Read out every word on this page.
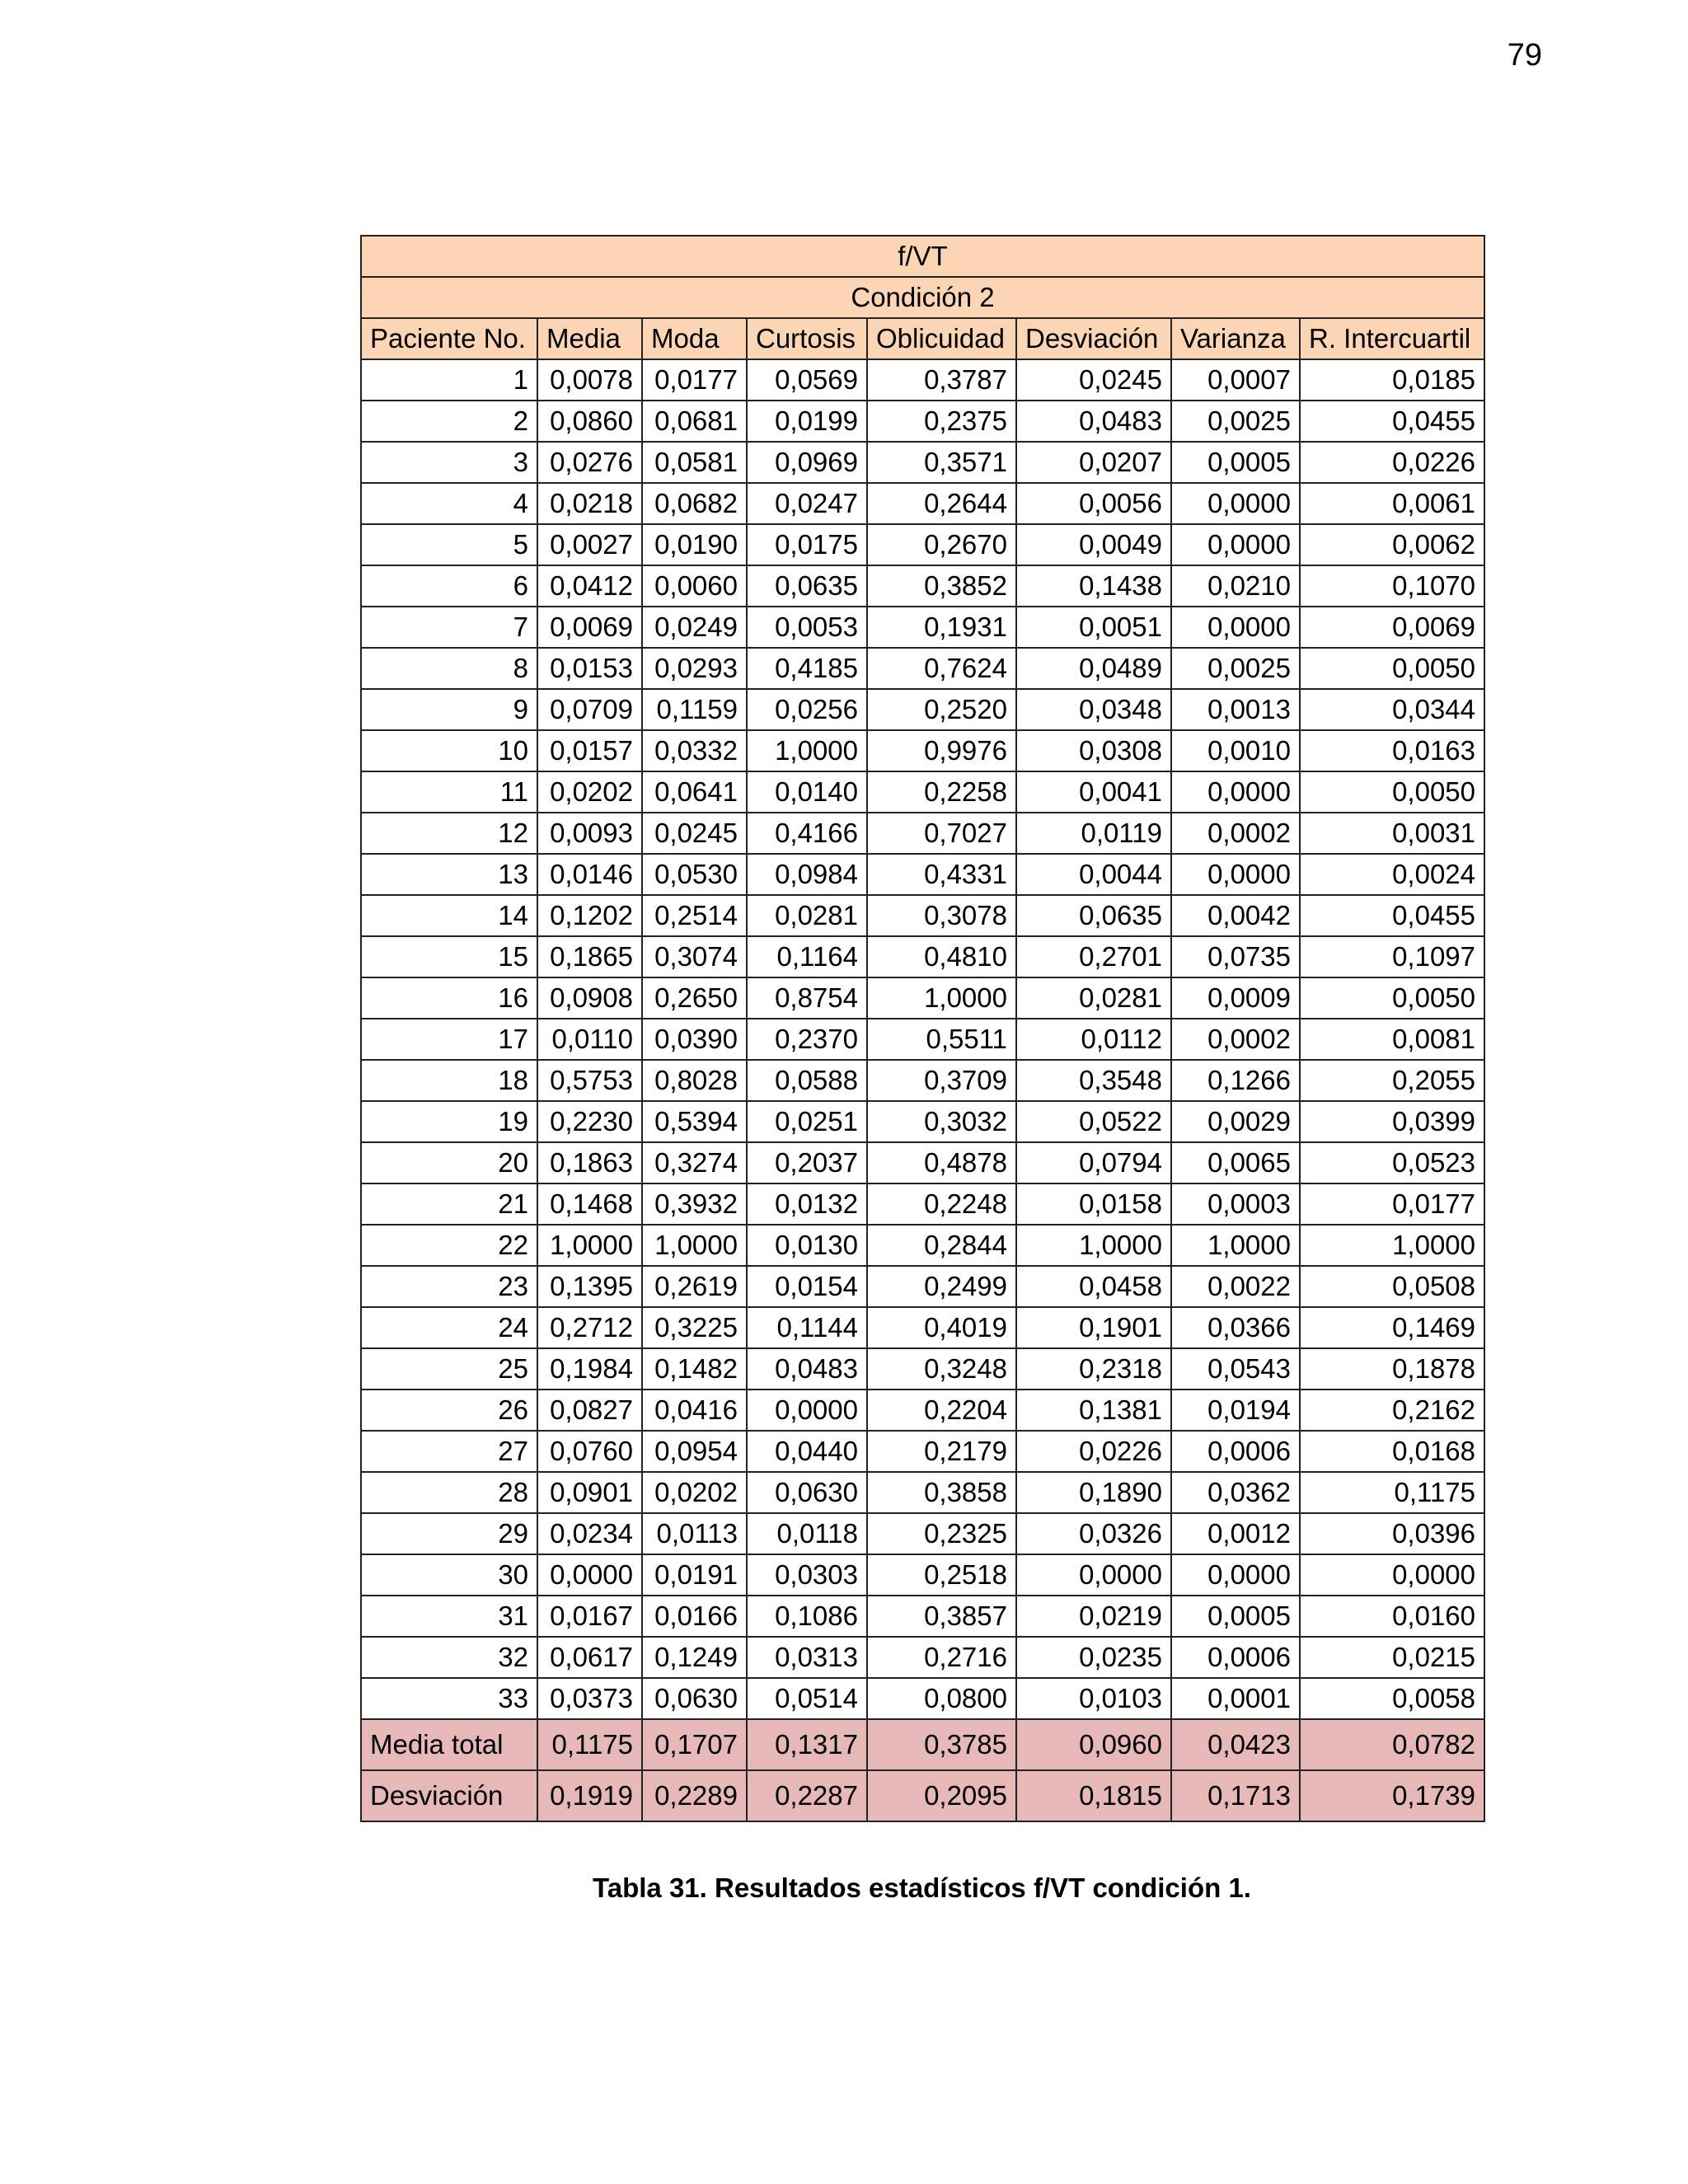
79
f/VT							
Condición 2							
Paciente No.	Media	Moda	Curtosis	Oblicuidad	Desviación	Varianza	R. Intercuartil
1	0,0078	0,0177	0,0569	0,3787	0,0245	0,0007	0,0185
2	0,0860	0,0681	0,0199	0,2375	0,0483	0,0025	0,0455
3	0,0276	0,0581	0,0969	0,3571	0,0207	0,0005	0,0226
4	0,0218	0,0682	0,0247	0,2644	0,0056	0,0000	0,0061
5	0,0027	0,0190	0,0175	0,2670	0,0049	0,0000	0,0062
6	0,0412	0,0060	0,0635	0,3852	0,1438	0,0210	0,1070
7	0,0069	0,0249	0,0053	0,1931	0,0051	0,0000	0,0069
8	0,0153	0,0293	0,4185	0,7624	0,0489	0,0025	0,0050
9	0,0709	0,1159	0,0256	0,2520	0,0348	0,0013	0,0344
10	0,0157	0,0332	1,0000	0,9976	0,0308	0,0010	0,0163
11	0,0202	0,0641	0,0140	0,2258	0,0041	0,0000	0,0050
12	0,0093	0,0245	0,4166	0,7027	0,0119	0,0002	0,0031
13	0,0146	0,0530	0,0984	0,4331	0,0044	0,0000	0,0024
14	0,1202	0,2514	0,0281	0,3078	0,0635	0,0042	0,0455
15	0,1865	0,3074	0,1164	0,4810	0,2701	0,0735	0,1097
16	0,0908	0,2650	0,8754	1,0000	0,0281	0,0009	0,0050
17	0,0110	0,0390	0,2370	0,5511	0,0112	0,0002	0,0081
18	0,5753	0,8028	0,0588	0,3709	0,3548	0,1266	0,2055
19	0,2230	0,5394	0,0251	0,3032	0,0522	0,0029	0,0399
20	0,1863	0,3274	0,2037	0,4878	0,0794	0,0065	0,0523
21	0,1468	0,3932	0,0132	0,2248	0,0158	0,0003	0,0177
22	1,0000	1,0000	0,0130	0,2844	1,0000	1,0000	1,0000
23	0,1395	0,2619	0,0154	0,2499	0,0458	0,0022	0,0508
24	0,2712	0,3225	0,1144	0,4019	0,1901	0,0366	0,1469
25	0,1984	0,1482	0,0483	0,3248	0,2318	0,0543	0,1878
26	0,0827	0,0416	0,0000	0,2204	0,1381	0,0194	0,2162
27	0,0760	0,0954	0,0440	0,2179	0,0226	0,0006	0,0168
28	0,0901	0,0202	0,0630	0,3858	0,1890	0,0362	0,1175
29	0,0234	0,0113	0,0118	0,2325	0,0326	0,0012	0,0396
30	0,0000	0,0191	0,0303	0,2518	0,0000	0,0000	0,0000
31	0,0167	0,0166	0,1086	0,3857	0,0219	0,0005	0,0160
32	0,0617	0,1249	0,0313	0,2716	0,0235	0,0006	0,0215
33	0,0373	0,0630	0,0514	0,0800	0,0103	0,0001	0,0058
Media total	0,1175	0,1707	0,1317	0,3785	0,0960	0,0423	0,0782
Desviación	0,1919	0,2289	0,2287	0,2095	0,1815	0,1713	0,1739
Tabla 31. Resultados estadísticos f/VT condición 1.
